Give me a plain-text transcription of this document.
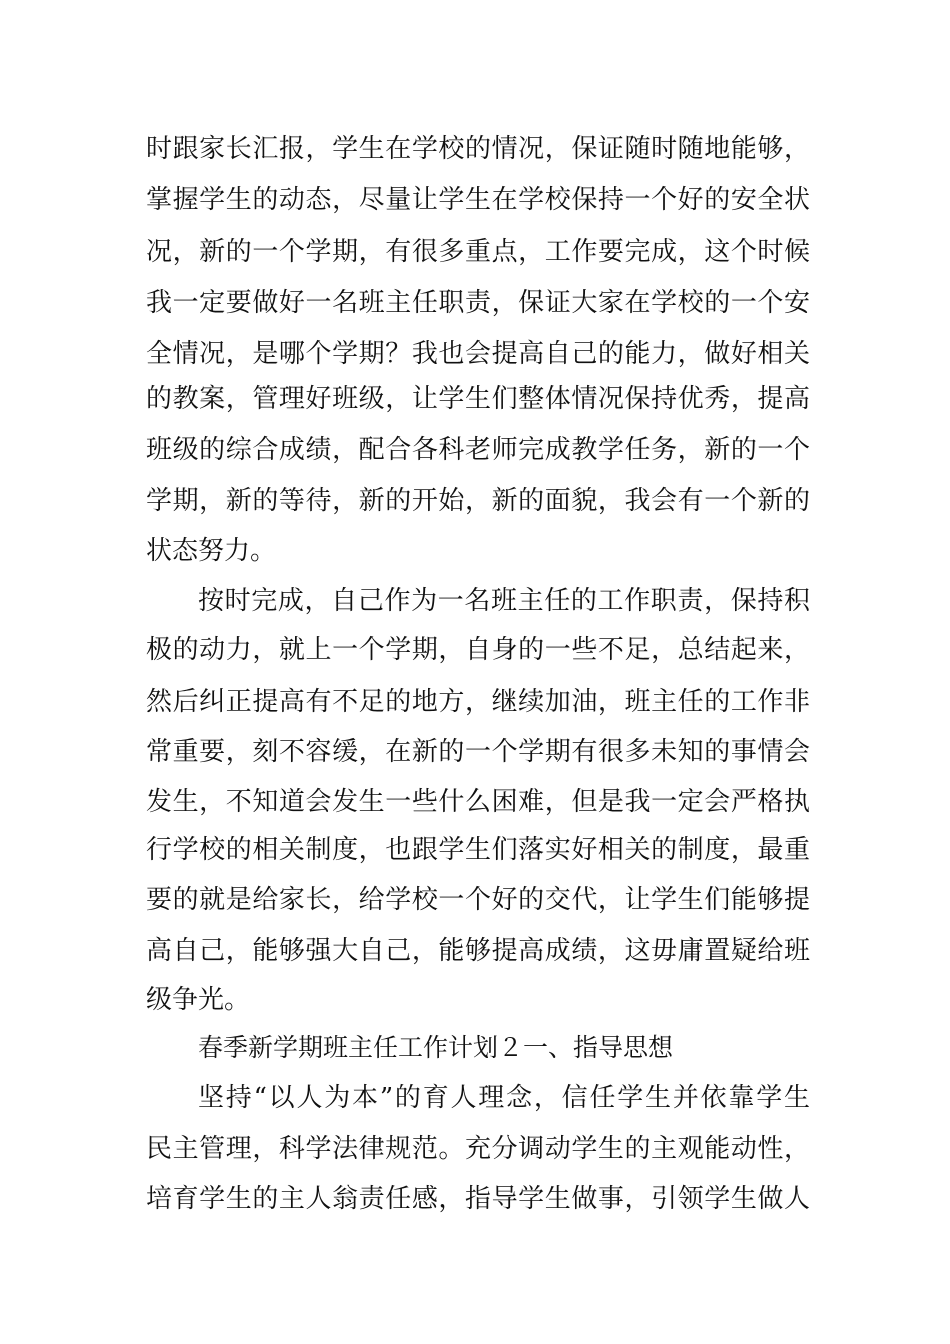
时跟家长汇报，学生在学校的情况，保证随时随地能够，

掌握学生的动态，尽量让学生在学校保持一个好的安全状

况，新的一个学期，有很多重点，工作要完成，这个时候

我一定要做好一名班主任职责，保证大家在学校的一个安

全情况，是哪个学期？我也会提高自己的能力，做好相关

的教案，管理好班级，让学生们整体情况保持优秀，提高

班级的综合成绩，配合各科老师完成教学任务，新的一个

学期，新的等待，新的开始，新的面貌，我会有一个新的

状态努力。

按时完成，自己作为一名班主任的工作职责，保持积

极的动力，就上一个学期，自身的一些不足，总结起来，

然后纠正提高有不足的地方，继续加油，班主任的工作非

常重要，刻不容缓，在新的一个学期有很多未知的事情会

发生，不知道会发生一些什么困难，但是我一定会严格执

行学校的相关制度，也跟学生们落实好相关的制度，最重

要的就是给家长，给学校一个好的交代，让学生们能够提

高自己，能够强大自己，能够提高成绩，这毋庸置疑给班

级争光。

春季新学期班主任工作计划２一、指导思想

坚持“以人为本”的育人理念，信任学生并依靠学生

民主管理，科学法律规范。充分调动学生的主观能动性，

培育学生的主人翁责任感，指导学生做事，引领学生做人
